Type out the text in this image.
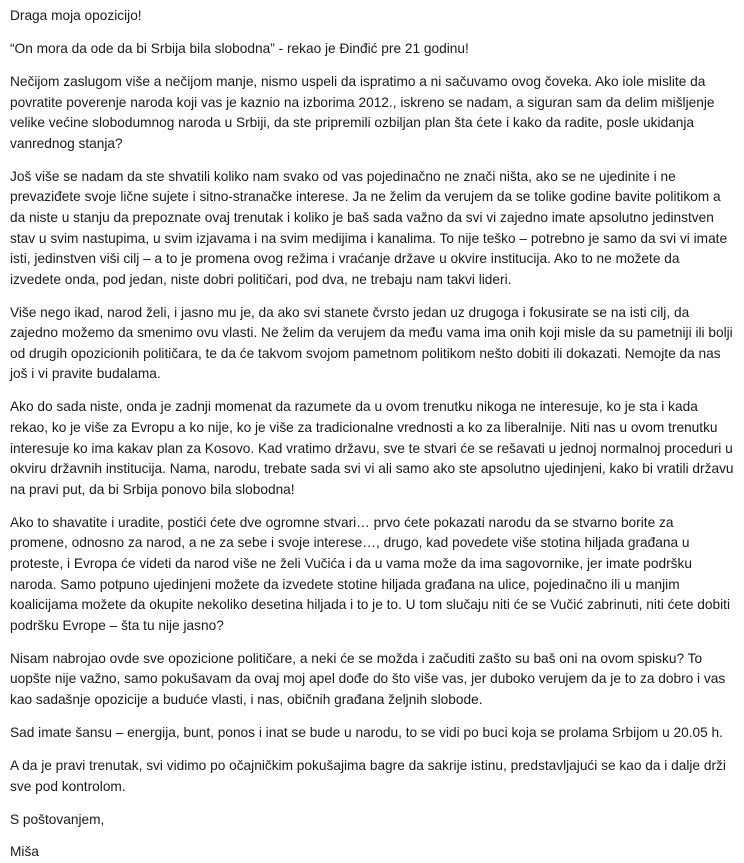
Draga moja opozicijo!

“On mora da ode da bi Srbija bila slobodna” - rekao je Đinđić pre 21 godinu!

Nečijom zaslugom više a nečijom manje, nismo uspeli da ispratimo a ni sačuvamo ovog čoveka. Ako iole mislite da povratite poverenje naroda koji vas je kaznio na izborima 2012., iskreno se nadam, a siguran sam da delim mišljenje velike većine slobodumnog naroda u Srbiji, da ste pripremili ozbiljan plan šta ćete i kako da radite, posle ukidanja vanrednog stanja?

Još više se nadam da ste shvatili koliko nam svako od vas pojedinačno ne znači ništa, ako se ne ujedinite i ne prevaziđete svoje lične sujete i sitno-stranačke interese. Ja ne želim da verujem da se tolike godine bavite politikom a da niste u stanju da prepoznate ovaj trenutak i koliko je baš sada važno da svi vi zajedno imate apsolutno jedinstven stav u svim nastupima, u svim izjavama i na svim medijima i kanalima. To nije teško – potrebno je samo da svi vi imate isti, jedinstven viši cilj – a to je promena ovog režima i vraćanje države u okvire institucija. Ako to ne možete da izvedete onda, pod jedan, niste dobri političari, pod dva, ne trebaju nam takvi lideri.

Više nego ikad, narod želi, i jasno mu je, da ako svi stanete čvrsto jedan uz drugoga i fokusirate se na isti cilj, da zajedno možemo da smenimo ovu vlasti. Ne želim da verujem da među vama ima onih koji misle da su pametniji ili bolji od drugih opozicionih političara, te da će takvom svojom pametnom politikom nešto dobiti ili dokazati. Nemojte da nas još i vi pravite budalama.

Ako do sada niste, onda je zadnji momenat da razumete da u ovom trenutku nikoga ne interesuje, ko je sta i kada rekao, ko je više za Evropu a ko nije, ko je više za tradicionalne vrednosti a ko za liberalnije. Niti nas u ovom trenutku interesuje ko ima kakav plan za Kosovo. Kad vratimo državu, sve te stvari će se rešavati u jednoj normalnoj proceduri u okviru državnih institucija. Nama, narodu, trebate sada svi vi ali samo ako ste apsolutno ujedinjeni, kako bi vratili državu na pravi put, da bi Srbija ponovo bila slobodna!

Ako to shavatite i uradite, postići ćete dve ogromne stvari… prvo ćete pokazati narodu da se stvarno borite za promene, odnosno za narod, a ne za sebe i svoje interese…, drugo, kad povedete više stotina hiljada građana u proteste, i Evropa će videti da narod više ne želi Vučića i da u vama može da ima sagovornike, jer imate podršku naroda. Samo potpuno ujedinjeni možete da izvedete stotine hiljada građana na ulice, pojedinačno ili u manjim koalicijama možete da okupite nekoliko desetina hiljada i to je to. U tom slučaju niti će se Vučić zabrinuti, niti ćete dobiti podršku Evrope – šta tu nije jasno?

Nisam nabrojao ovde sve opozicione političare, a neki će se možda i začuditi zašto su baš oni na ovom spisku? To uopšte nije važno, samo pokušavam da ovaj moj apel dođe do što više vas, jer duboko verujem da je to za dobro i vas kao sadašnje opozicije a buduće vlasti, i nas, običnih građana željnih slobode.

Sad imate šansu – energija, bunt, ponos i inat se bude u narodu, to se vidi po buci koja se prolama Srbijom u 20.05 h.

A da je pravi trenutak, svi vidimo po očajničkim pokušajima bagre da sakrije istinu, predstavljajući se kao da i dalje drži sve pod kontrolom.

S poštovanjem,

Miša
